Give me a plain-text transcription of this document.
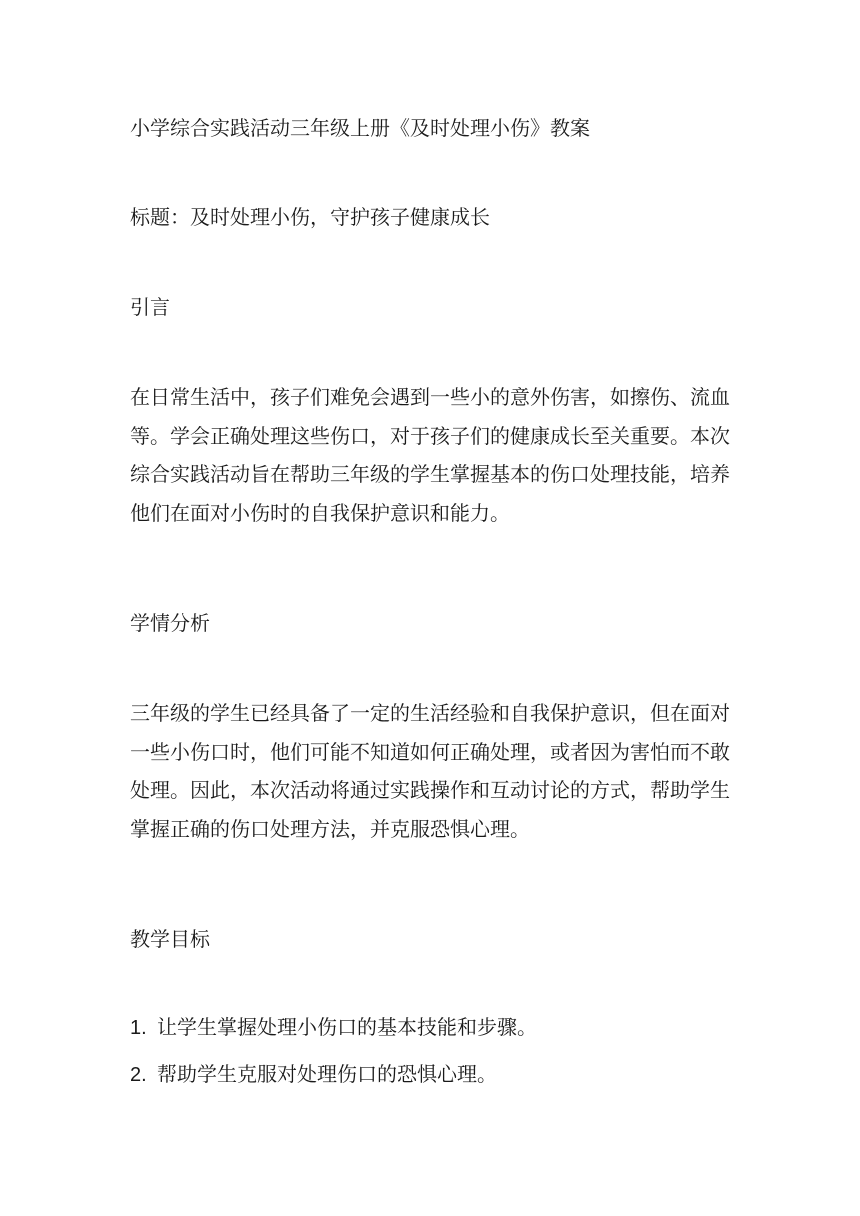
小学综合实践活动三年级上册《及时处理小伤》教案
标题：及时处理小伤，守护孩子健康成长
引言
在日常生活中，孩子们难免会遇到一些小的意外伤害，如擦伤、流血等。学会正确处理这些伤口，对于孩子们的健康成长至关重要。本次综合实践活动旨在帮助三年级的学生掌握基本的伤口处理技能，培养他们在面对小伤时的自我保护意识和能力。
学情分析
三年级的学生已经具备了一定的生活经验和自我保护意识，但在面对一些小伤口时，他们可能不知道如何正确处理，或者因为害怕而不敢处理。因此，本次活动将通过实践操作和互动讨论的方式，帮助学生掌握正确的伤口处理方法，并克服恐惧心理。
教学目标
1. 让学生掌握处理小伤口的基本技能和步骤。
2. 帮助学生克服对处理伤口的恐惧心理。
